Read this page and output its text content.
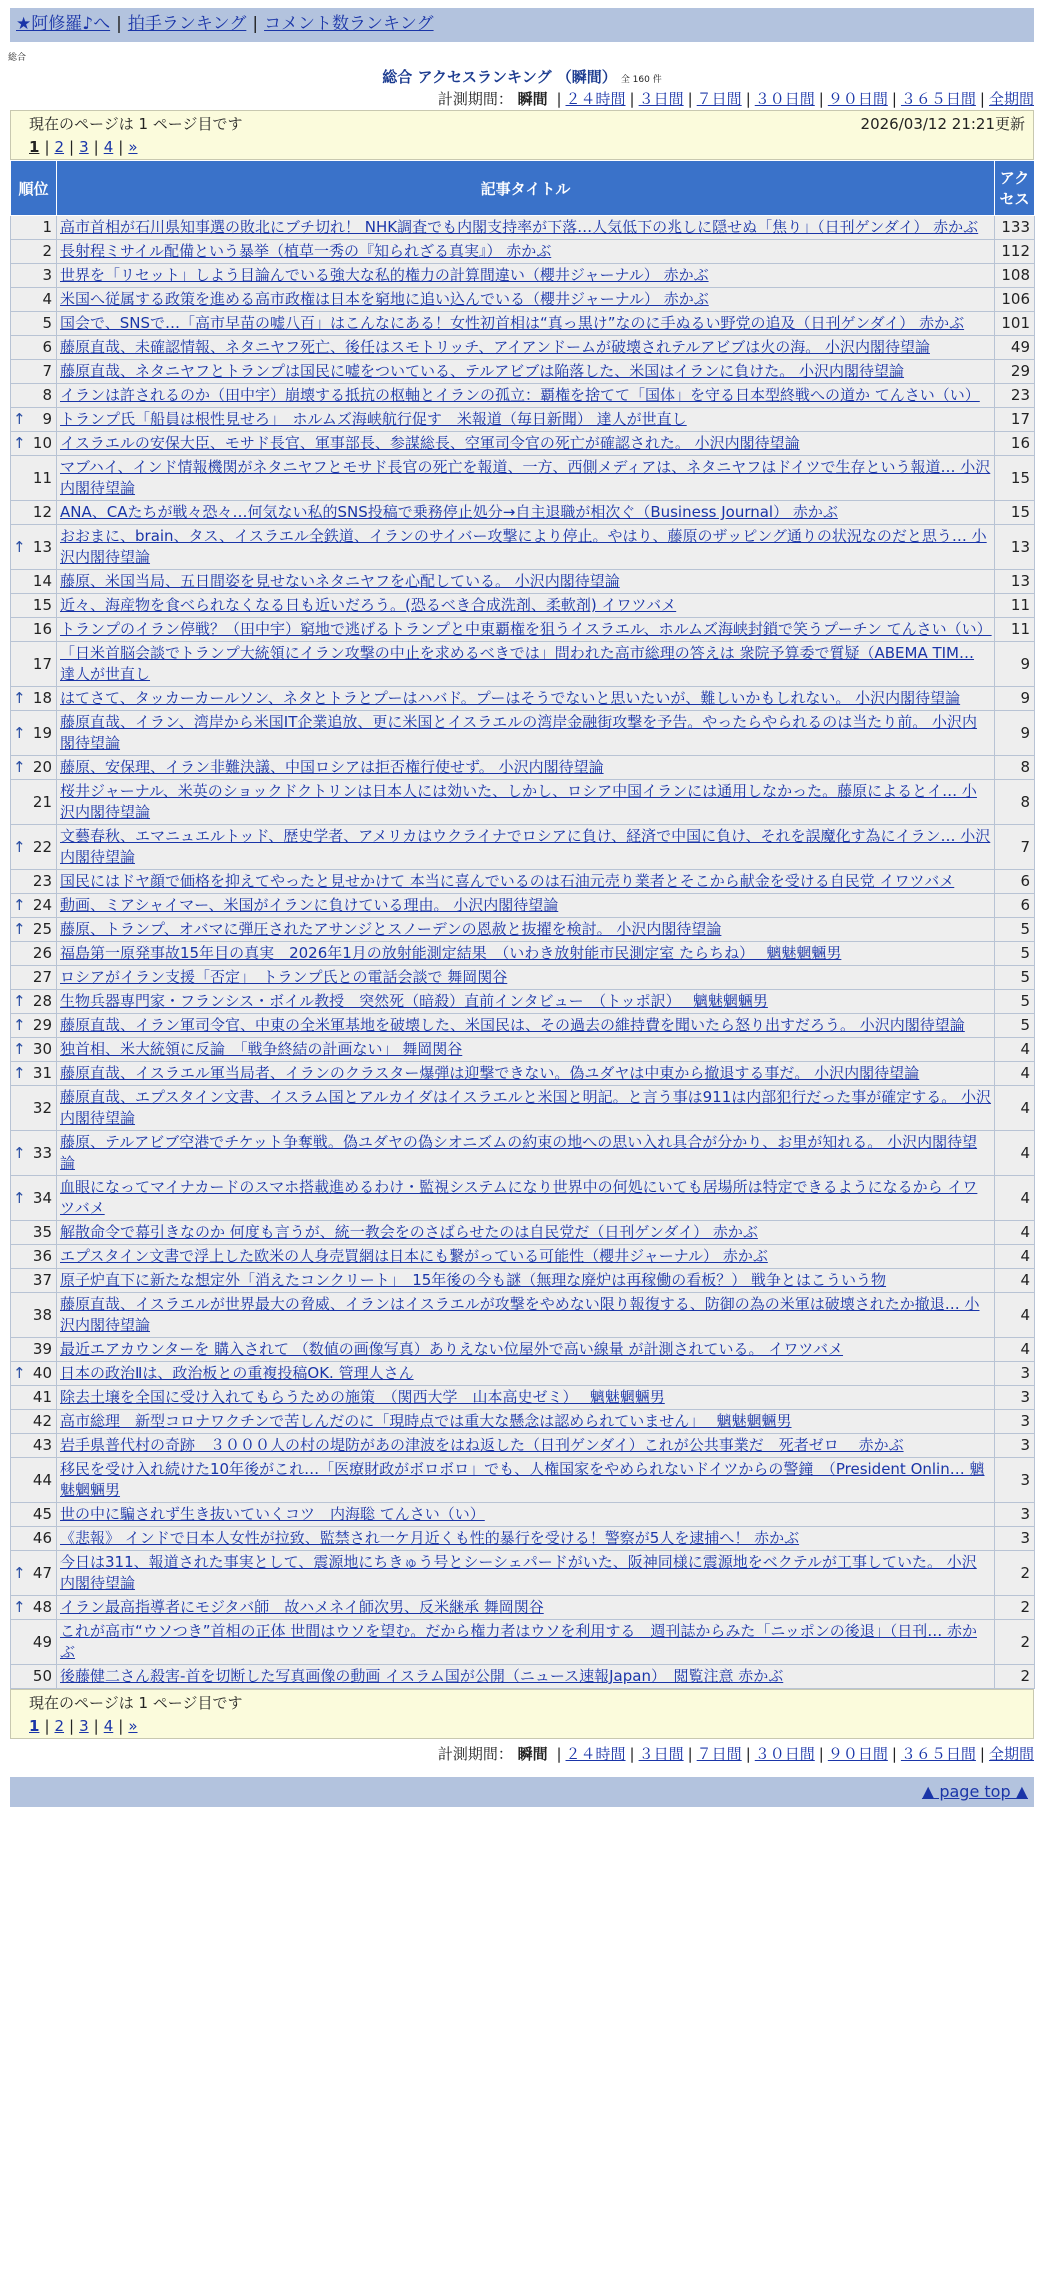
★阿修羅♪へ | 拍手ランキング | コメント数ランキング
総合
総合 アクセスランキング （瞬間） 全 160 件
計測期間： 瞬間 | ２４時間 | ３日間 | ７日間 | ３０日間 | ９０日間 | ３６５日間 | 全期間
現在のページは 1 ページ目です	2026/03/12 21:21更新
1 | 2 | 3 | 4 | »
順位	記事タイトル	アクセス
1	高市首相が石川県知事選の敗北にブチ切れ！ NHK調査でも内閣支持率が下落…人気低下の兆しに隠せぬ「焦り」（日刊ゲンダイ） 赤かぶ	133
2	長射程ミサイル配備という暴挙（植草一秀の『知られざる真実』） 赤かぶ	112
3	世界を「リセット」しよう目論んでいる強大な私的権力の計算間違い（櫻井ジャーナル） 赤かぶ	108
4	米国へ従属する政策を進める高市政権は日本を窮地に追い込んでいる（櫻井ジャーナル） 赤かぶ	106
5	国会で、SNSで…「高市早苗の嘘八百」はこんなにある！女性初首相は“真っ黒け”なのに手ぬるい野党の追及（日刊ゲンダイ） 赤かぶ	101
6	藤原直哉、未確認情報、ネタニヤフ死亡、後任はスモトリッチ、アイアンドームが破壊されテルアビブは火の海。 小沢内閣待望論	49
7	藤原直哉、ネタニヤフとトランプは国民に嘘をついている、テルアビブは陥落した、米国はイランに負けた。 小沢内閣待望論	29
8	イランは許されるのか（田中宇）崩壊する抵抗の枢軸とイランの孤立：覇権を捨てて「国体」を守る日本型終戦への道か てんさい（い）	23

↑ 9	トランプ氏「船員は根性見せろ」　ホルムズ海峡航行促す　米報道（毎日新聞） 達人が世直し	17

↑ 10	イスラエルの安保大臣、モサド長官、軍事部長、参謀総長、空軍司令官の死亡が確認された。 小沢内閣待望論	16
11	マブハイ、インド情報機関がネタニヤフとモサド長官の死亡を報道、一方、西側メディアは、ネタニヤフはドイツで生存という報道… 小沢内閣待望論	15
12	ANA、CAたちが戦々恐々…何気ない私的SNS投稿で乗務停止処分→自主退職が相次ぐ（Business Journal） 赤かぶ	15

↑ 13	おおまに、brain、タス、イスラエル全鉄道、イランのサイバー攻撃により停止。やはり、藤原のザッピング通りの状況なのだと思う… 小沢内閣待望論	13
14	藤原、米国当局、五日間姿を見せないネタニヤフを心配している。 小沢内閣待望論	13
15	近々、海産物を食べられなくなる日も近いだろう。(恐るべき合成洗剤、柔軟剤) イワツバメ	11
16	トランプのイラン停戦？（田中宇）窮地で逃げるトランプと中東覇権を狙うイスラエル、ホルムズ海峡封鎖で笑うプーチン てんさい（い）	11
17	「日米首脳会談でトランプ大統領にイラン攻撃の中止を求めるべきでは」問われた高市総理の答えは 衆院予算委で質疑（ABEMA TIM… 達人が世直し	9

↑ 18	はてさて、タッカーカールソン、ネタとトラとプーはハバド。プーはそうでないと思いたいが、難しいかもしれない。 小沢内閣待望論	9

↑ 19	藤原直哉、イラン、湾岸から米国IT企業追放、更に米国とイスラエルの湾岸金融街攻撃を予告。やったらやられるのは当たり前。 小沢内閣待望論	9

↑ 20	藤原、安保理、イラン非難決議、中国ロシアは拒否権行使せず。 小沢内閣待望論	8
21	桜井ジャーナル、米英のショックドクトリンは日本人には効いた、しかし、ロシア中国イランには通用しなかった。藤原によるとイ… 小沢内閣待望論	8

↑ 22	文藝春秋、エマニュエルトッド、歴史学者、アメリカはウクライナでロシアに負け、経済で中国に負け、それを誤魔化す為にイラン… 小沢内閣待望論	7
23	国民にはドヤ顔で価格を抑えてやったと見せかけて 本当に喜んでいるのは石油元売り業者とそこから献金を受ける自民党 イワツバメ	6

↑ 24	動画、ミアシャイマー、米国がイランに負けている理由。 小沢内閣待望論	6

↑ 25	藤原、トランプ、オバマに弾圧されたアサンジとスノーデンの恩赦と抜擢を検討。 小沢内閣待望論	5
26	福島第一原発事故15年目の真実　2026年1月の放射能測定結果　（いわき放射能市民測定室 たらちね）　 魑魅魍魎男	5
27	ロシアがイラン支援「否定」　トランプ氏との電話会談で 舞岡関谷	5

↑ 28	生物兵器専門家・フランシス・ボイル教授　突然死（暗殺）直前インタビュー　（トッポ訳）　 魑魅魍魎男	5

↑ 29	藤原直哉、イラン軍司令官、中東の全米軍基地を破壊した、米国民は、その過去の維持費を聞いたら怒り出すだろう。 小沢内閣待望論	5

↑ 30	独首相、米大統領に反論　「戦争終結の計画ない」 舞岡関谷	4

↑ 31	藤原直哉、イスラエル軍当局者、イランのクラスター爆弾は迎撃できない。偽ユダヤは中東から撤退する事だ。 小沢内閣待望論	4
32	藤原直哉、エプスタイン文書、イスラム国とアルカイダはイスラエルと米国と明記。と言う事は911は内部犯行だった事が確定する。 小沢内閣待望論	4

↑ 33	藤原、テルアビブ空港でチケット争奪戦。偽ユダヤの偽シオニズムの約束の地への思い入れ具合が分かり、お里が知れる。 小沢内閣待望論	4

↑ 34	血眼になってマイナカードのスマホ搭載進めるわけ・監視システムになり世界中の何処にいても居場所は特定できるようになるから イワツバメ	4
35	解散命令で幕引きなのか 何度も言うが、統一教会をのさばらせたのは自民党だ（日刊ゲンダイ） 赤かぶ	4
36	エプスタイン文書で浮上した欧米の人身売買網は日本にも繋がっている可能性（櫻井ジャーナル） 赤かぶ	4
37	原子炉直下に新たな想定外「消えたコンクリート」　15年後の今も謎（無理な廃炉は再稼働の看板？） 戦争とはこういう物	4
38	藤原直哉、イスラエルが世界最大の脅威、イランはイスラエルが攻撃をやめない限り報復する、防御の為の米軍は破壊されたか撤退… 小沢内閣待望論	4
39	最近エアカウンターを 購入されて （数値の画像写真）ありえない位屋外で高い線量 が計測されている。 イワツバメ	4

↑ 40	日本の政治Ⅱは、政治板との重複投稿OK. 管理人さん	3
41	除去土壌を全国に受け入れてもらうための施策　（関西大学　山本高史ゼミ）　 魑魅魍魎男	3
42	高市総理　新型コロナワクチンで苦しんだのに「現時点では重大な懸念は認められていません」　 魑魅魍魎男	3
43	岩手県普代村の奇跡　３０００人の村の堤防があの津波をはね返した（日刊ゲンダイ）これが公共事業だ　死者ゼロ　 赤かぶ	3
44	移民を受け入れ続けた10年後がこれ…「医療財政がボロボロ」でも、人権国家をやめられないドイツからの警鐘　（President Onlin… 魑魅魍魎男	3
45	世の中に騙されず生き抜いていくコツ　内海聡 てんさい（い）	3
46	《悲報》 インドで日本人女性が拉致、監禁され一ケ月近くも性的暴行を受ける！警察が5人を逮捕へ！ 赤かぶ	3

↑ 47	今日は311、報道された事実として、震源地にちきゅう号とシーシェパードがいた、阪神同様に震源地をベクテルが工事していた。 小沢内閣待望論	2

↑ 48	イラン最高指導者にモジタバ師　故ハメネイ師次男、反米継承 舞岡関谷	2
49	これが高市“ウソつき”首相の正体 世間はウソを望む。だから権力者はウソを利用する　週刊誌からみた「ニッポンの後退」（日刊… 赤かぶ	2
50	後藤健二さん殺害-首を切断した写真画像の動画 イスラム国が公開（ニュース速報Japan）　閲覧注意 赤かぶ	2
現在のページは 1 ページ目です
1 | 2 | 3 | 4 | »
計測期間： 瞬間 | ２４時間 | ３日間 | ７日間 | ３０日間 | ９０日間 | ３６５日間 | 全期間
▲ page top ▲
